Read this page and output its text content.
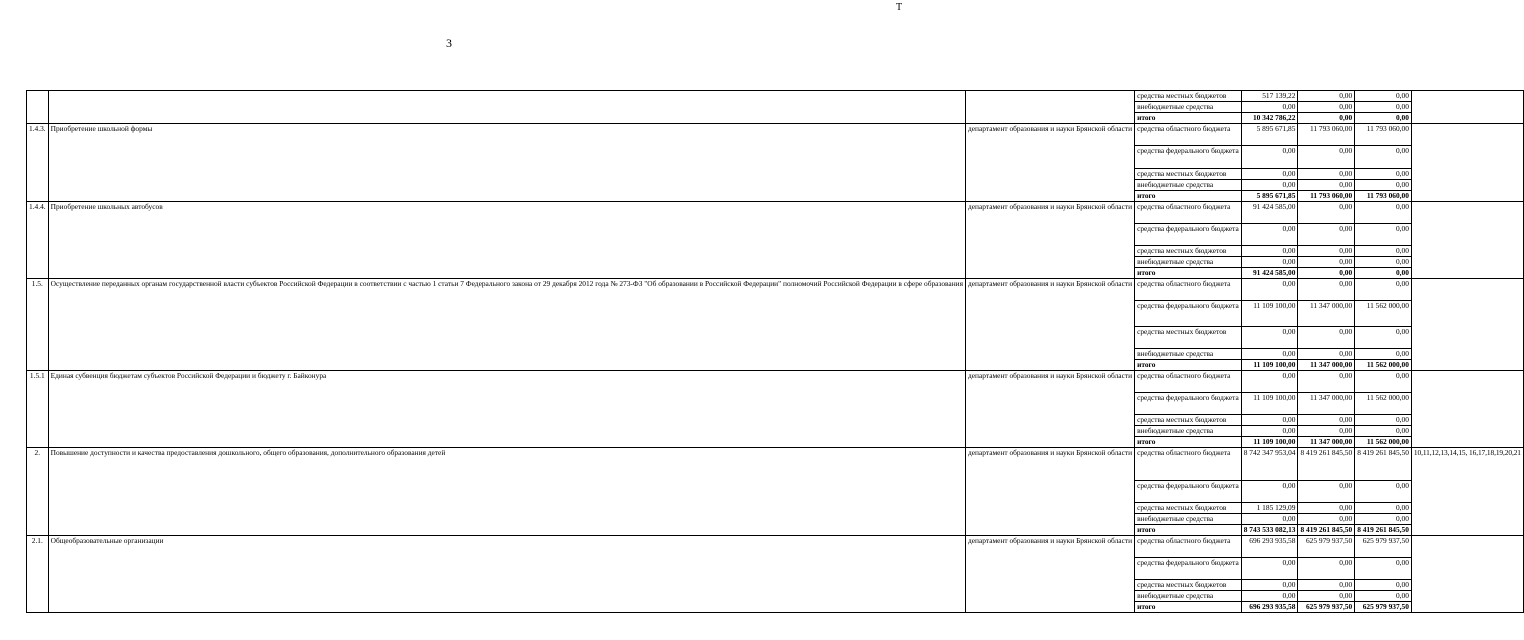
3
Т
			средства местных бюджетов	517 139,22	0,00	0,00	
			внебюджетные средства	0,00	0,00	0,00	
			итого	10 342 786,22	0,00	0,00	
1.4.3.	Приобретение школьной формы	департамент образования и науки Брянской области	средства областного бюджета	5 895 671,85	11 793 060,00	11 793 060,00	
			средства федерального бюджета	0,00	0,00	0,00	
			средства местных бюджетов	0,00	0,00	0,00	
			внебюджетные средства	0,00	0,00	0,00	
			итого	5 895 671,85	11 793 060,00	11 793 060,00	
1.4.4.	Приобретение школьных автобусов	департамент образования и науки Брянской области	средства областного бюджета	91 424 585,00	0,00	0,00	
			средства федерального бюджета	0,00	0,00	0,00	
			средства местных бюджетов	0,00	0,00	0,00	
			внебюджетные средства	0,00	0,00	0,00	
			итого	91 424 585,00	0,00	0,00	
1.5.	Осуществление переданных органам государственной власти субъектов Российской Федерации в соответствии с частью 1 статьи 7 Федерального закона от 29 декабря 2012 года № 273-ФЗ "Об образовании в Российской Федерации" полномочий Российской Федерации в сфере образования	департамент образования и науки Брянской области	средства областного бюджета	0,00	0,00	0,00	
			средства федерального бюджета	11 109 100,00	11 347 000,00	11 562 000,00	
			средства местных бюджетов	0,00	0,00	0,00	
			внебюджетные средства	0,00	0,00	0,00	
			итого	11 109 100,00	11 347 000,00	11 562 000,00	
1.5.1	Единая субвенция бюджетам субъектов Российской Федерации и бюджету г. Байконура	департамент образования и науки Брянской области	средства областного бюджета	0,00	0,00	0,00	
			средства федерального бюджета	11 109 100,00	11 347 000,00	11 562 000,00	
			средства местных бюджетов	0,00	0,00	0,00	
			внебюджетные средства	0,00	0,00	0,00	
			итого	11 109 100,00	11 347 000,00	11 562 000,00	
2.	Повышение доступности и качества предоставления дошкольного, общего образования, дополнительного образования детей	департамент образования и науки Брянской области	средства областного бюджета	8 742 347 953,04	8 419 261 845,50	8 419 261 845,50	10,11,12,13,14,15, 16,17,18,19,20,21
			средства федерального бюджета	0,00	0,00	0,00	
			средства местных бюджетов	1 185 129,09	0,00	0,00	
			внебюджетные средства	0,00	0,00	0,00	
			итого	8 743 533 082,13	8 419 261 845,50	8 419 261 845,50	
2.1.	Общеобразовательные организации	департамент образования и науки Брянской области	средства областного бюджета	696 293 935,58	625 979 937,50	625 979 937,50	
			средства федерального бюджета	0,00	0,00	0,00	
			средства местных бюджетов	0,00	0,00	0,00	
			внебюджетные средства	0,00	0,00	0,00	
			итого	696 293 935,58	625 979 937,50	625 979 937,50	
